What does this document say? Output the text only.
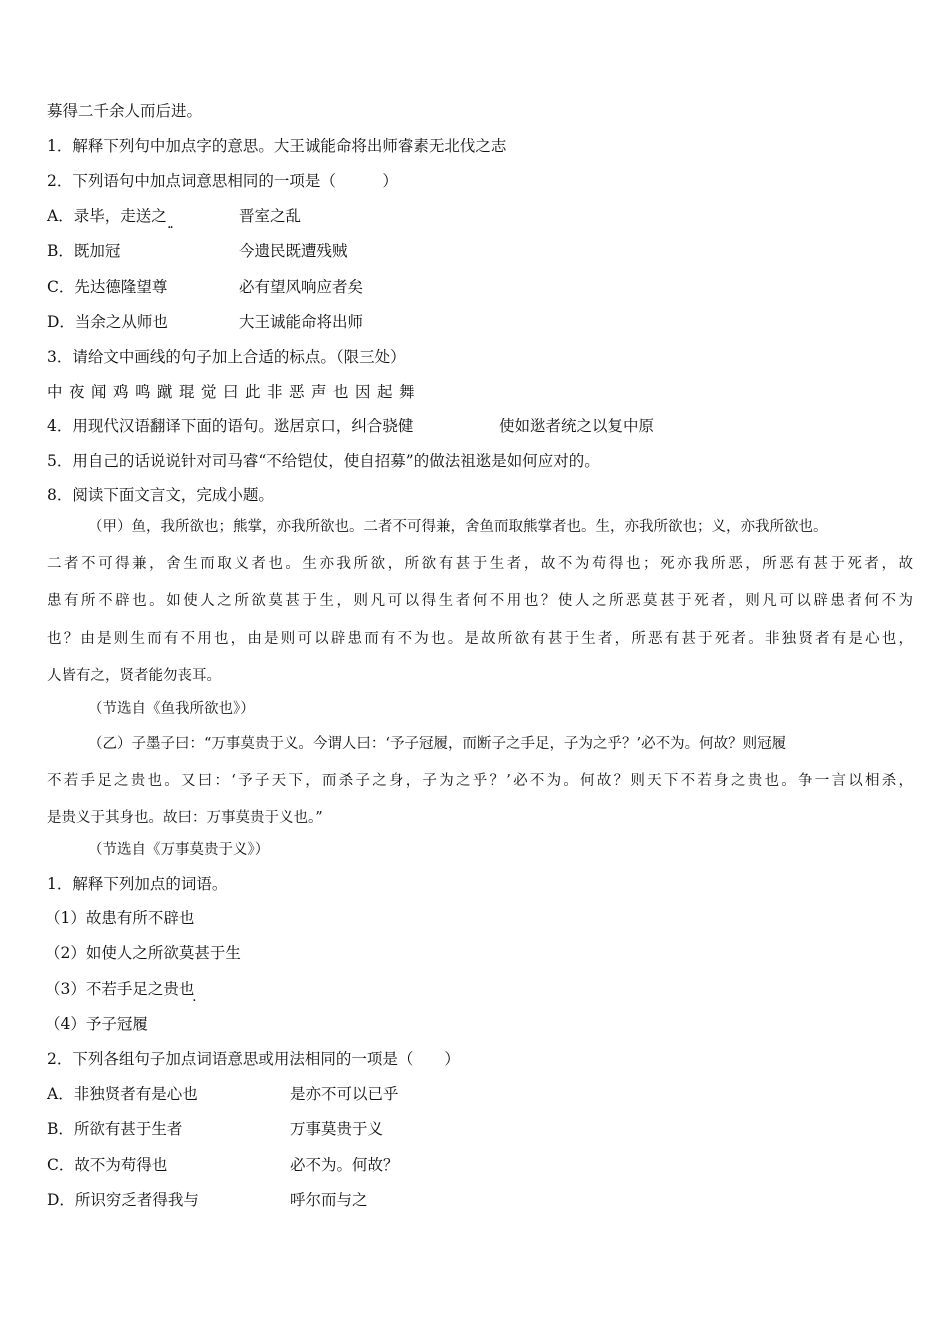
募得二千余人而后进。
1．解释下列句中加点字的意思。大王诚能命将出师睿素无北伐之志
2．下列语句中加点词意思相同的一项是（　　　）
A．录毕，走送之​  .	晋室之乱
B．既加冠	今遗民既遭残贼
C．先达德隆望尊	必有望风响应者矣
D．当余之从师也	大王诚能命将出师
3．请给文中画线的句子加上合适的标点。（限三处）
中夜闻鸡鸣蹴琨觉曰此非恶声也因起舞
4．用现代汉语翻译下面的语句。逖居京口，纠合骁健	使如逖者统之以复中原
5．用自己的话说说针对司马睿“不给铠仗，使自招募”的做法祖逖是如何应对的。
8．阅读下面文言文，完成小题。
（甲）鱼，我所欲也；熊掌，亦我所欲也。二者不可得兼，舍鱼而取熊掌者也。生，亦我所欲也；义，亦我所欲也。
二者不可得兼，舍生而取义者也。生亦我所欲，所欲有甚于生者，故不为苟得也；死亦我所恶，所恶有甚于死者，故
患有所不辟也。如使人之所欲莫甚于生，则凡可以得生者何不用也？使人之所恶莫甚于死者，则凡可以辟患者何不为
也？由是则生而有不用也，由是则可以辟患而有不为也。是故所欲有甚于生者，所恶有甚于死者。非独贤者有是心也，
人皆有之，贤者能勿丧耳。
（节选自《鱼我所欲也》）
（乙）子墨子曰：“万事莫贵于义。今谓人曰：‘予子冠履，而断子之手足，子为之乎？’必不为。何故？则冠履
不若手足之贵也。又曰：‘予子天下，而杀子之身，子为之乎？’必不为。何故？则天下不若身之贵也。争一言以相杀，
是贵义于其身也。故曰：万事莫贵于义也。”
（节选自《万事莫贵于义》）
1．解释下列加点的词语。
（1）故患有所不辟也
（2）如使人之所欲莫甚于生
（3）不若手足之贵也
（4）予子冠履
2．下列各组句子加点词语意思或用法相同的一项是（　　）
A．非独贤者有是心也	是亦不可以已乎
B．所欲有甚于生者	万事莫贵于义
C．故不为苟得也	必不为。何故？
D．所识穷乏者得我与	呼尔而与之
